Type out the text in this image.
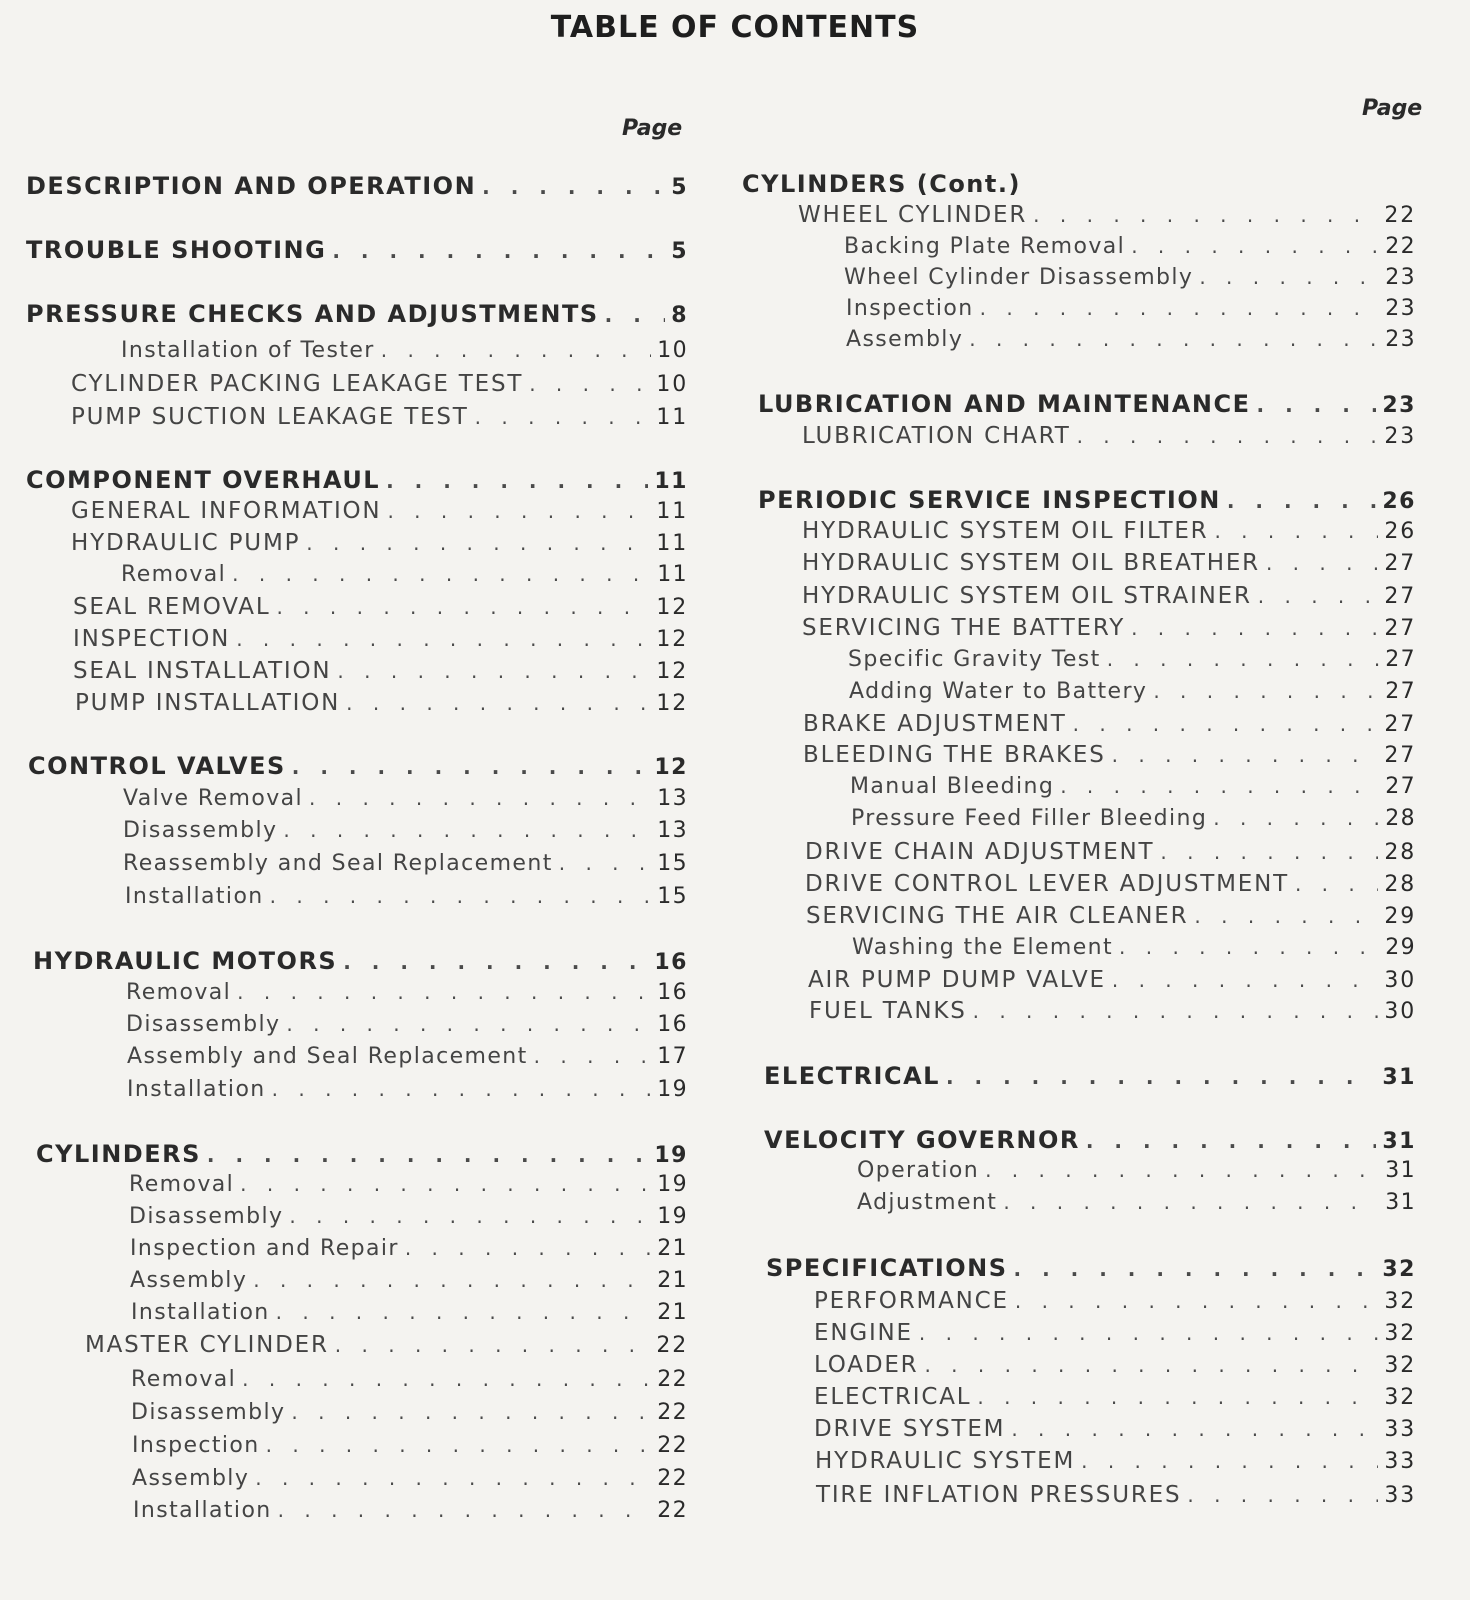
TABLE OF CONTENTS
Page
DESCRIPTION AND OPERATION . . .	5
TROUBLE SHOOTING . . .	5
PRESSURE CHECKS AND ADJUSTMENTS . . .	8
Installation of Tester . . .	10
CYLINDER PACKING LEAKAGE TEST . . .	10
PUMP SUCTION LEAKAGE TEST . . .	11
COMPONENT OVERHAUL . . .	11
GENERAL INFORMATION . . .	11
HYDRAULIC PUMP . . .	11
Removal . . .	11
SEAL REMOVAL . . .	12
INSPECTION . . .	12
SEAL INSTALLATION . . .	12
PUMP INSTALLATION . . .	12
CONTROL VALVES . . .	12
Valve Removal . . .	13
Disassembly . . .	13
Reassembly and Seal Replacement . . .	15
Installation . . .	15
HYDRAULIC MOTORS . . .	16
Removal . . .	16
Disassembly . . .	16
Assembly and Seal Replacement . . .	17
Installation . . .	19
CYLINDERS . . .	19
Removal . . .	19
Disassembly . . .	19
Inspection and Repair . . .	21
Assembly . . .	21
Installation . . .	21
MASTER CYLINDER . . .	22
Removal . . .	22
Disassembly . . .	22
Inspection . . .	22
Assembly . . .	22
Installation . . .	22
Page
CYLINDERS (Cont.)
WHEEL CYLINDER . . .	22
Backing Plate Removal . . .	22
Wheel Cylinder Disassembly . . .	23
Inspection . . .	23
Assembly . . .	23
LUBRICATION AND MAINTENANCE . . .	23
LUBRICATION CHART . . .	23
PERIODIC SERVICE INSPECTION . . .	26
HYDRAULIC SYSTEM OIL FILTER . . .	26
HYDRAULIC SYSTEM OIL BREATHER . . .	27
HYDRAULIC SYSTEM OIL STRAINER . . .	27
SERVICING THE BATTERY . . .	27
Specific Gravity Test . . .	27
Adding Water to Battery . . .	27
BRAKE ADJUSTMENT . . .	27
BLEEDING THE BRAKES . . .	27
Manual Bleeding . . .	27
Pressure Feed Filler Bleeding . . .	28
DRIVE CHAIN ADJUSTMENT . . .	28
DRIVE CONTROL LEVER ADJUSTMENT . . .	28
SERVICING THE AIR CLEANER . . .	29
Washing the Element . . .	29
AIR PUMP DUMP VALVE . . .	30
FUEL TANKS . . .	30
ELECTRICAL . . .	31
VELOCITY GOVERNOR . . .	31
Operation . . .	31
Adjustment . . .	31
SPECIFICATIONS . . .	32
PERFORMANCE . . .	32
ENGINE . . .	32
LOADER . . .	32
ELECTRICAL . . .	32
DRIVE SYSTEM . . .	33
HYDRAULIC SYSTEM . . .	33
TIRE INFLATION PRESSURES . . .	33
